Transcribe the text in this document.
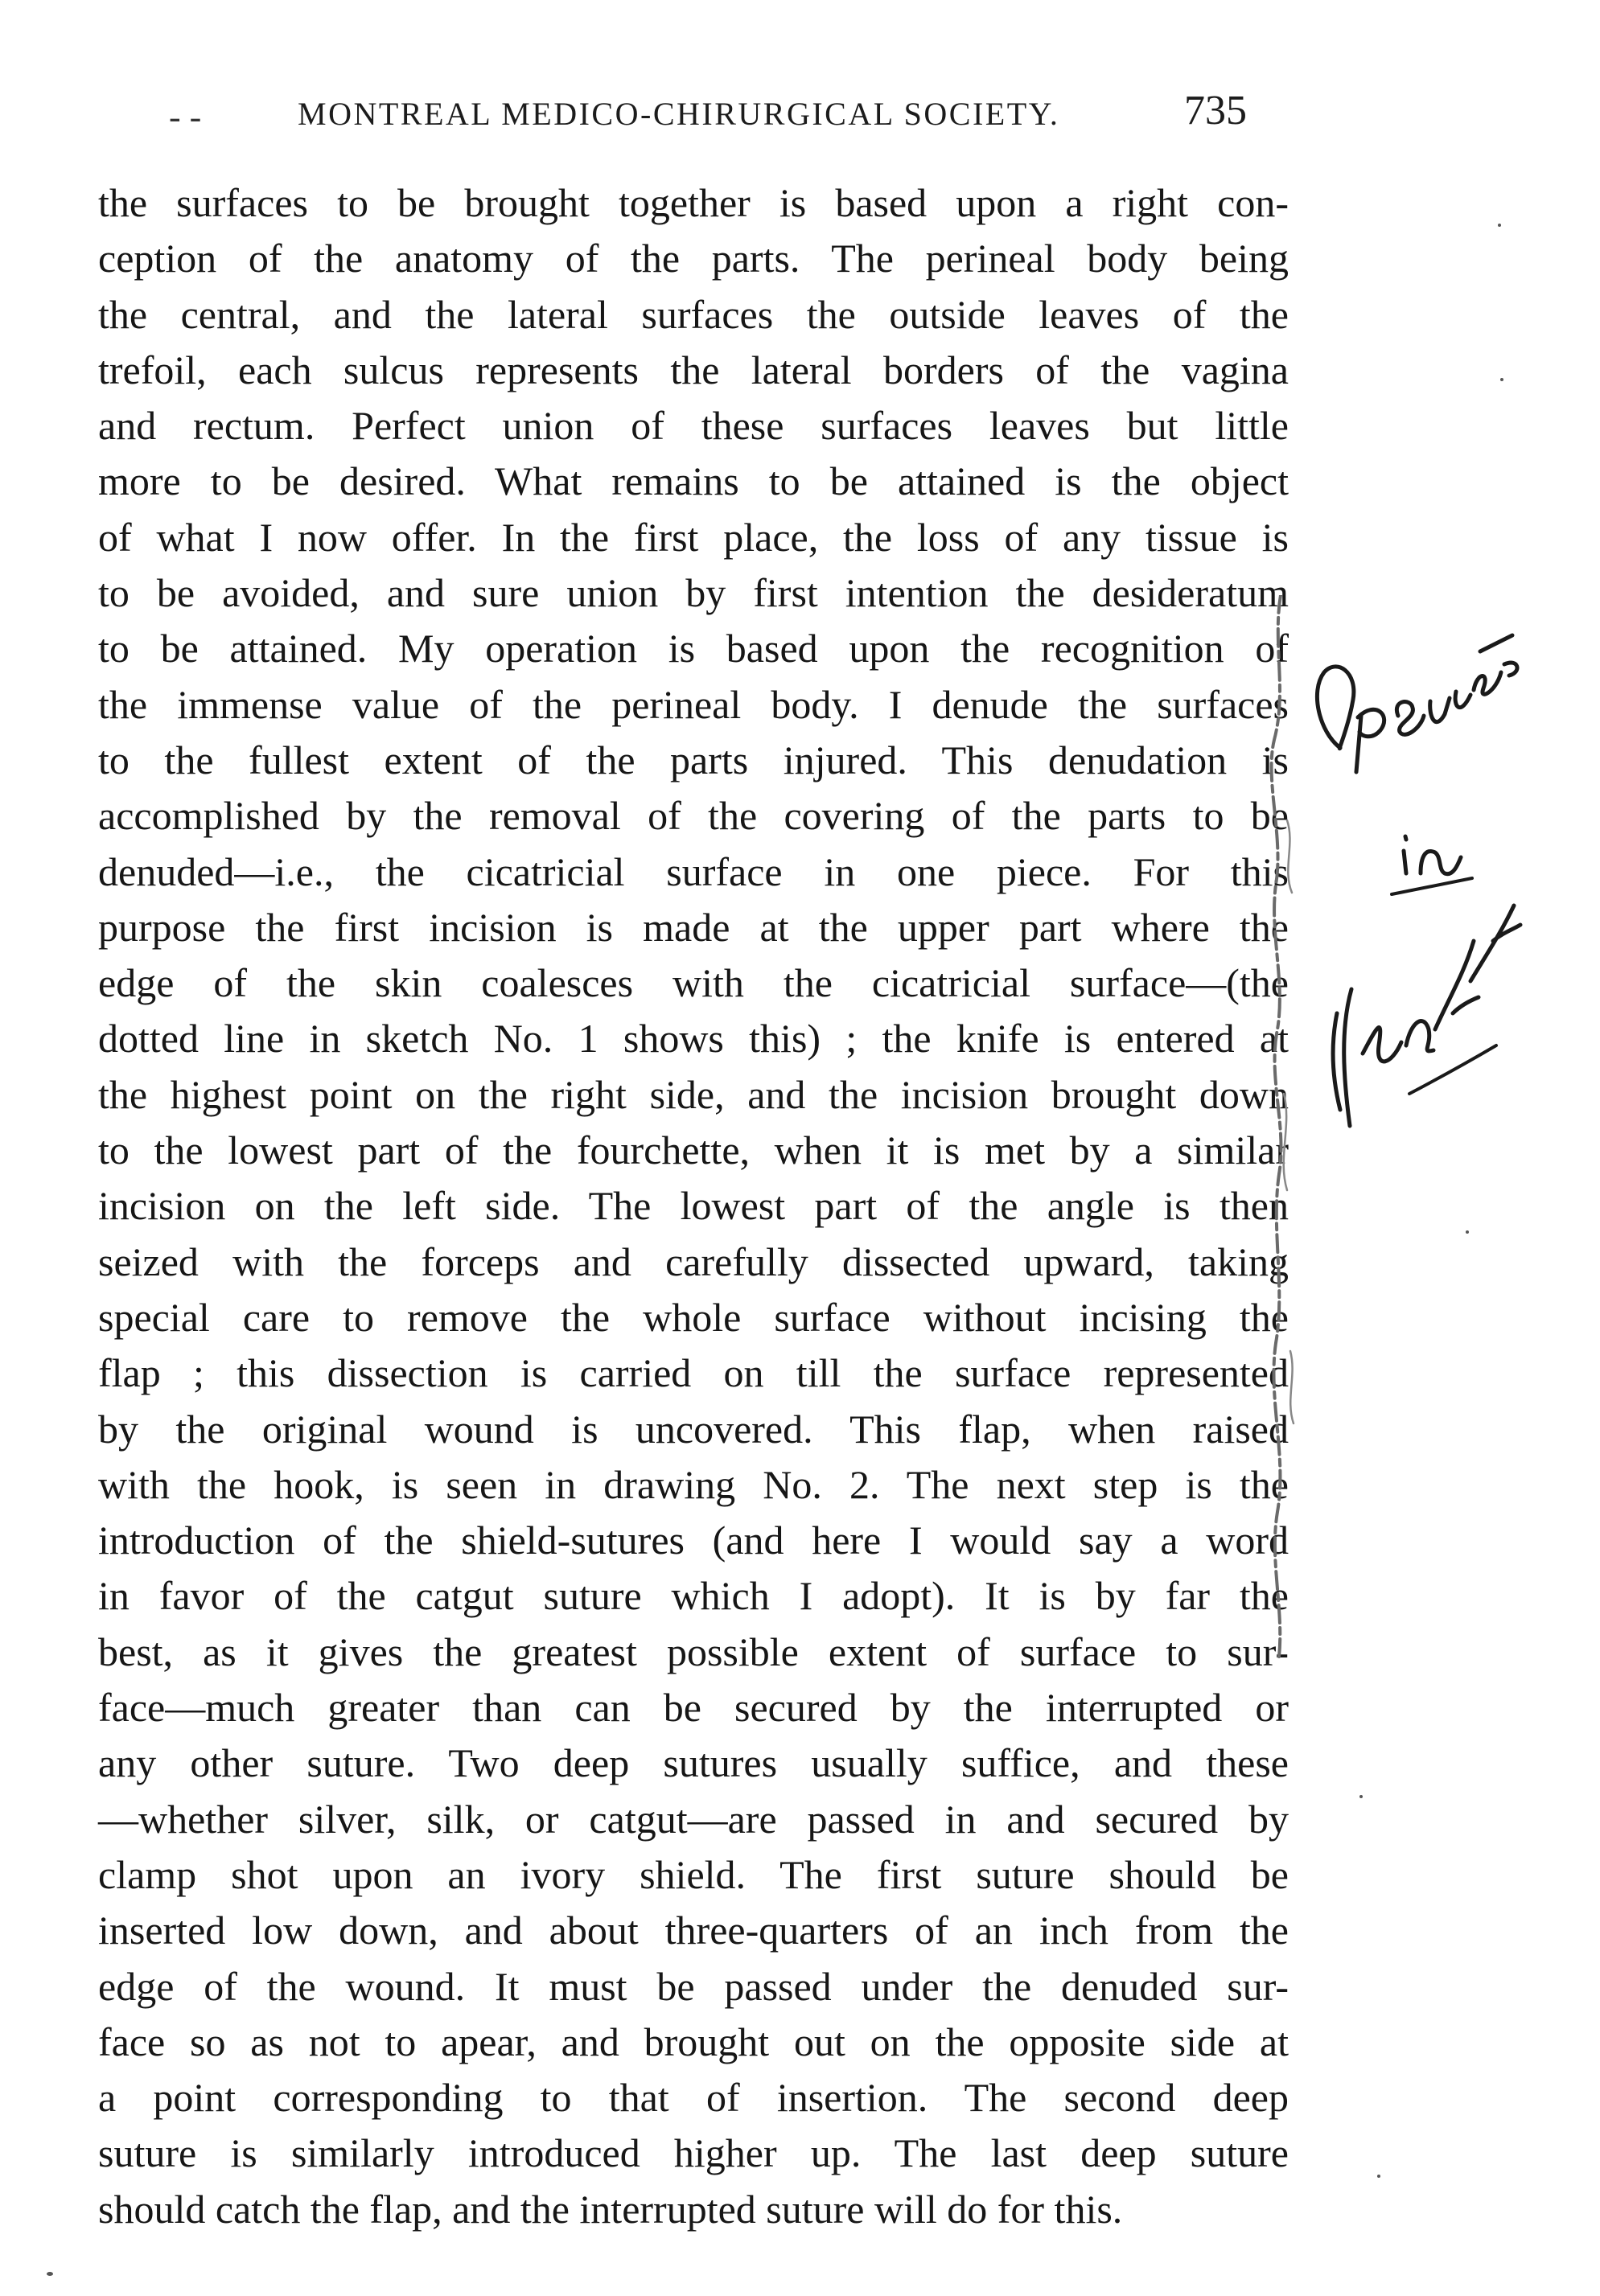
- -	MONTREAL MEDICO-CHIRURGICAL SOCIETY.	735
the surfaces to be brought together is based upon a right con-
ception of the anatomy of the parts. The perineal body being
the central, and the lateral surfaces the outside leaves of the
trefoil, each sulcus represents the lateral borders of the vagina
and rectum. Perfect union of these surfaces leaves but little
more to be desired. What remains to be attained is the object
of what I now offer. In the first place, the loss of any tissue is
to be avoided, and sure union by first intention the desideratum
to be attained. My operation is based upon the recognition of
the immense value of the perineal body. I denude the surfaces
to the fullest extent of the parts injured. This denudation is
accomplished by the removal of the covering of the parts to be
denuded—i.e., the cicatricial surface in one piece. For this
purpose the first incision is made at the upper part where the
edge of the skin coalesces with the cicatricial surface—(the
dotted line in sketch No. 1 shows this) ; the knife is entered at
the highest point on the right side, and the incision brought down
to the lowest part of the fourchette, when it is met by a similar
incision on the left side. The lowest part of the angle is then
seized with the forceps and carefully dissected upward, taking
special care to remove the whole surface without incising the
flap ; this dissection is carried on till the surface represented
by the original wound is uncovered. This flap, when raised
with the hook, is seen in drawing No. 2. The next step is the
introduction of the shield-sutures (and here I would say a word
in favor of the catgut suture which I adopt). It is by far the
best, as it gives the greatest possible extent of surface to sur-
face—much greater than can be secured by the interrupted or
any other suture. Two deep sutures usually suffice, and these
—whether silver, silk, or catgut—are passed in and secured by
clamp shot upon an ivory shield. The first suture should be
inserted low down, and about three-quarters of an inch from the
edge of the wound. It must be passed under the denuded sur-
face so as not to apear, and brought out on the opposite side at
a point corresponding to that of insertion. The second deep
suture is similarly introduced higher up. The last deep suture
should catch the flap, and the interrupted suture will do for this.
